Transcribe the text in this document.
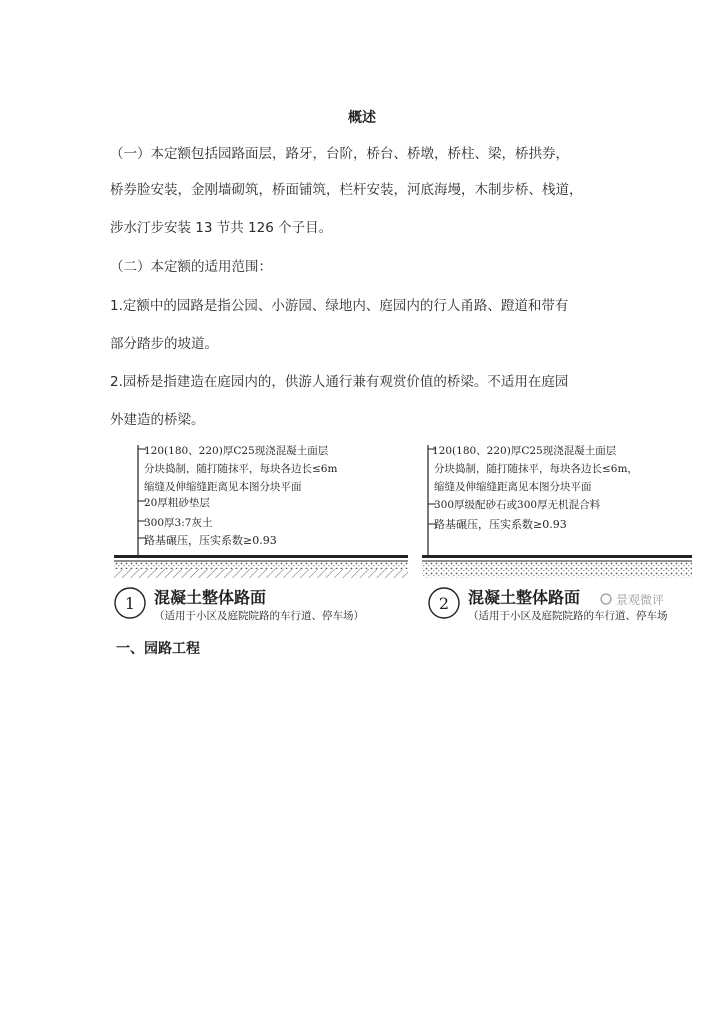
概述
（一）本定额包括园路面层，路牙，台阶，桥台、桥墩，桥柱、梁，桥拱券，
桥券脸安装，金刚墙砌筑，桥面铺筑，栏杆安装，河底海墁，木制步桥、栈道，
涉水汀步安装 13 节共 126 个子目。
（二）本定额的适用范围：
1.定额中的园路是指公园、小游园、绿地内、庭园内的行人甬路、蹬道和带有
部分踏步的坡道。
2.园桥是指建造在庭园内的，供游人通行兼有观赏价值的桥梁。不适用在庭园
外建造的桥梁。
120(180、220)厚C25现浇混凝土面层
分块捣制，随打随抹平，每块各边长≤6m
缩缝及伸缩缝距离见本图分块平面
20厚粗砂垫层
300厚3:7灰土
路基碾压，压实系数≥0.93
1 混凝土整体路面
（适用于小区及庭院院路的车行道、停车场）
120(180、220)厚C25现浇混凝土面层
分块捣制，随打随抹平，每块各边长≤6m，
缩缝及伸缩缝距离见本图分块平面
300厚级配砂石或300厚无机混合料
路基碾压，压实系数≥0.93
2 混凝土整体路面
（适用于小区及庭院院路的车行道、停车场
景观微评
一、园路工程
